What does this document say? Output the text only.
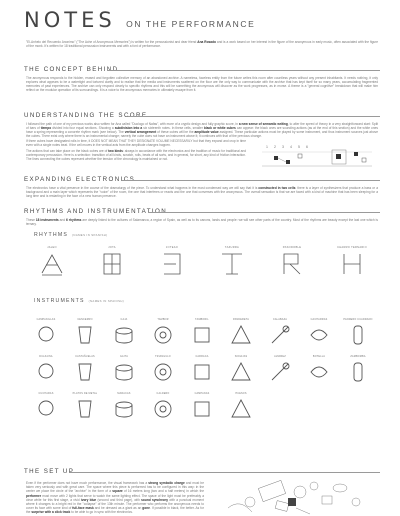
NOTES ON THE PERFORMANCE
"El-Anhelo del Recuerdo Anonimo" ("The Ache of Anonymous Memories") is written for the percussionist and dear friend Ana Rosado and is a work based on her interest in the figure of the anonymous in early music, often associated with the figure of the monk. It's written for 18 traditional percussion instruments and with a font of performance.
THE CONCEPT BEHIND
The anonymous responds to the hidden, erased and forgotten collective memory of an abandoned archive. A nameless, faceless entity from the future writes this room after countless years without any present inhabitants. It needs nothing, it only explores what appears to be a watertight and tortured clarity and to realise that the media and instruments scattered on the floor are the only way to communicate with the archive that has kept itself for so many years, accumulating fragmented memories of past experiences. The archive can only respond clearly to specific rhythms and this will be something the anonymous will discover as the work progresses, as in morse. A theme is a "general cognitive" breakdown that will make him reflect on the modular operation of its surroundings. It is a voice to the anonymous memories in ultimately escape from it.
UNDERSTANDING THE SCORE
I followed the path of one of my previous works also written for Ana called "Duologo of Nafas", with more of a cryptic design and fully graphic score, in a new sense of semantic writing, to alter the speed of theory in a very straightforward start: Split of bars of tiempo divided into four equal sections. Showing a subdivision into a six sixteenth notes. In these cells, smaller black or white cubes can appear: the black ones are sounding actions (as at the end of this section) and the white ones have a spring representing a concrete rhythm mark (see below). The vertical arrangement of these cubes will be the amplitude value assigned. These particular actions must be played by some instrument, and thus instrument sources just above the cubes. There exist only where there is an instrumental change; namely the cube does not have an instrument above it; it continues with that of the previous change.
If three cubes have designated rolls in time, it DOES NOT MEAN THAT THEY DESIGNATE VOLUME NECESSARILY but that they expand and crop in time even with a single notes beat. If the cell moves in the vertical axis from the amplitude changes happen.
The actions that can take place on the black cubes are of two kinds: always in accordance with the electronics and the tradition of music for traditional and contemporary percussion. Here is a selection: transition of all kinds, scratch, rolls, beats of all sorts, and in general, for short, any kind of friction interaction. The lines connecting the cubes represent whether the tension of the chronology is maintained or not.
1 2 3 4 5 6
EXPANDING ELECTRONICS
The electronics have a vital presence in the course of the dramaturgy of the piece. To understand what happens in the most condensed way we will say that it is constructed in two cells: there is a layer of synthesizers that produce a bass or a background and a main layer which represents the "voice" of the room, the one that interferes or reacts and the one that converses with the anonymous. The overall sensation is that we are faced with a kind of machine that has been sleeping for a long time and is restarting in the face of a new human presence.
RHYTHMS AND INSTRUMENTATION
These 18 instruments and 6 rhythms are deeply linked to the cultures of Salamanca, a region of Spain, as well as to its canons, lands and people: we will see other parts of the country. Most of the rhythms are beauty except the last one which is ternary.
RHYTHMS (NAMES IN SPANISH)
JALEO	JOTA	JOTEAO	TAZURRA	PASODOBLE	CHARRO TERNARIO
INSTRUMENTS (NAMES IN SPANISH)
CAMPANILLAS	CENCERRO	CAJA	TAMBOR	TAMBORIL	PANDERETA	CALABAZA	CACHARRAS	PANDERO CUADRADO
DULZAINA	CASTAÑUELAS	GAITA	TRIANGULO	CARRACA	SONAJAS	ALMIREZ	BOTELLA	ZAMBOMBA
CUCHARAS	PLATOS DE METAL	MARACAS	CALDERO	CAMPANAS	HUESOS
THE SET UP
Even if the performer does not have much performance, the visual framework has a strong symbolic charge and must be taken very seriously and with great care. The space where this piece is performed has to be configured in this way: in the center we place the circle of the "archive" in the form of a square of 16 meters long (two and a half meters) in which the performer must move with 2 lights that serve to watch the same lighting effect. The space of the light must be preferably a clear white for this first stage, a vivid ivory blue (second and third page), with sound synchrony with a punctual moment where it changes to a bright red in the "collapse" of the 13th minute. The performer who performs the anonymous needs to cover its face with some kind of full-face mask and be dressed as a giant as an gone. If possible in black, the better. As for the surprise with a click track to be able to go in sync with the electronics.
